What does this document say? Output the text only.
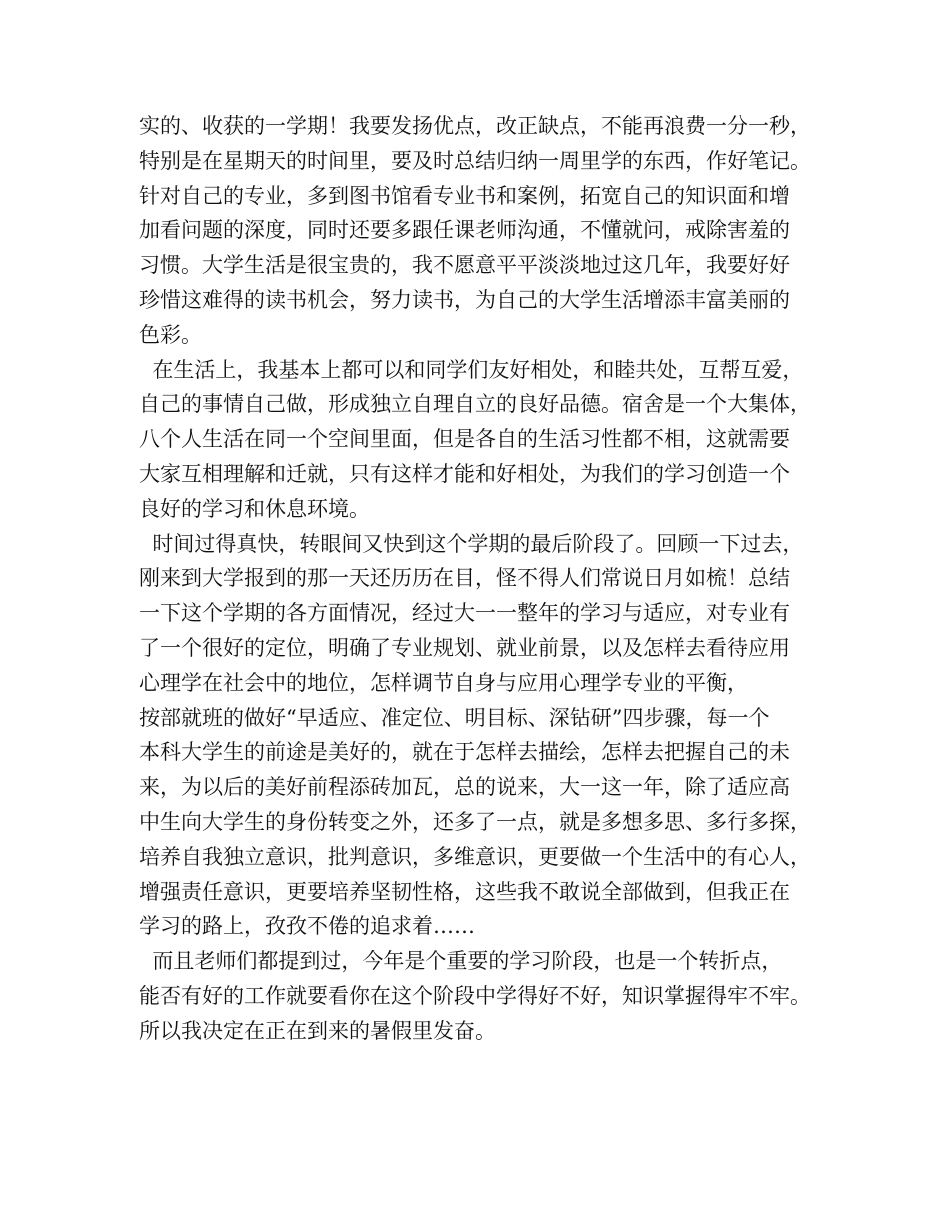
实的、收获的一学期！我要发扬优点，改正缺点，不能再浪费一分一秒，
特别是在星期天的时间里，要及时总结归纳一周里学的东西，作好笔记。
针对自己的专业，多到图书馆看专业书和案例，拓宽自己的知识面和增
加看问题的深度，同时还要多跟任课老师沟通，不懂就问，戒除害羞的
习惯。大学生活是很宝贵的，我不愿意平平淡淡地过这几年，我要好好
珍惜这难得的读书机会，努力读书，为自己的大学生活增添丰富美丽的
色彩。
在生活上，我基本上都可以和同学们友好相处，和睦共处，互帮互爱，
自己的事情自己做，形成独立自理自立的良好品德。宿舍是一个大集体，
八个人生活在同一个空间里面，但是各自的生活习性都不相，这就需要
大家互相理解和迁就，只有这样才能和好相处，为我们的学习创造一个
良好的学习和休息环境。
时间过得真快，转眼间又快到这个学期的最后阶段了。回顾一下过去，
刚来到大学报到的那一天还历历在目，怪不得人们常说日月如梳！总结
一下这个学期的各方面情况，经过大一一整年的学习与适应，对专业有
了一个很好的定位，明确了专业规划、就业前景，以及怎样去看待应用
心理学在社会中的地位，怎样调节自身与应用心理学专业的平衡，
按部就班的做好“早适应、准定位、明目标、深钻研”四步骤，每一个
本科大学生的前途是美好的，就在于怎样去描绘，怎样去把握自己的未
来，为以后的美好前程添砖加瓦，总的说来，大一这一年，除了适应高
中生向大学生的身份转变之外，还多了一点，就是多想多思、多行多探，
培养自我独立意识，批判意识，多维意识，更要做一个生活中的有心人，
增强责任意识，更要培养坚韧性格，这些我不敢说全部做到，但我正在
学习的路上，孜孜不倦的追求着……
而且老师们都提到过，今年是个重要的学习阶段，也是一个转折点，
能否有好的工作就要看你在这个阶段中学得好不好，知识掌握得牢不牢。
所以我决定在正在到来的暑假里发奋。
